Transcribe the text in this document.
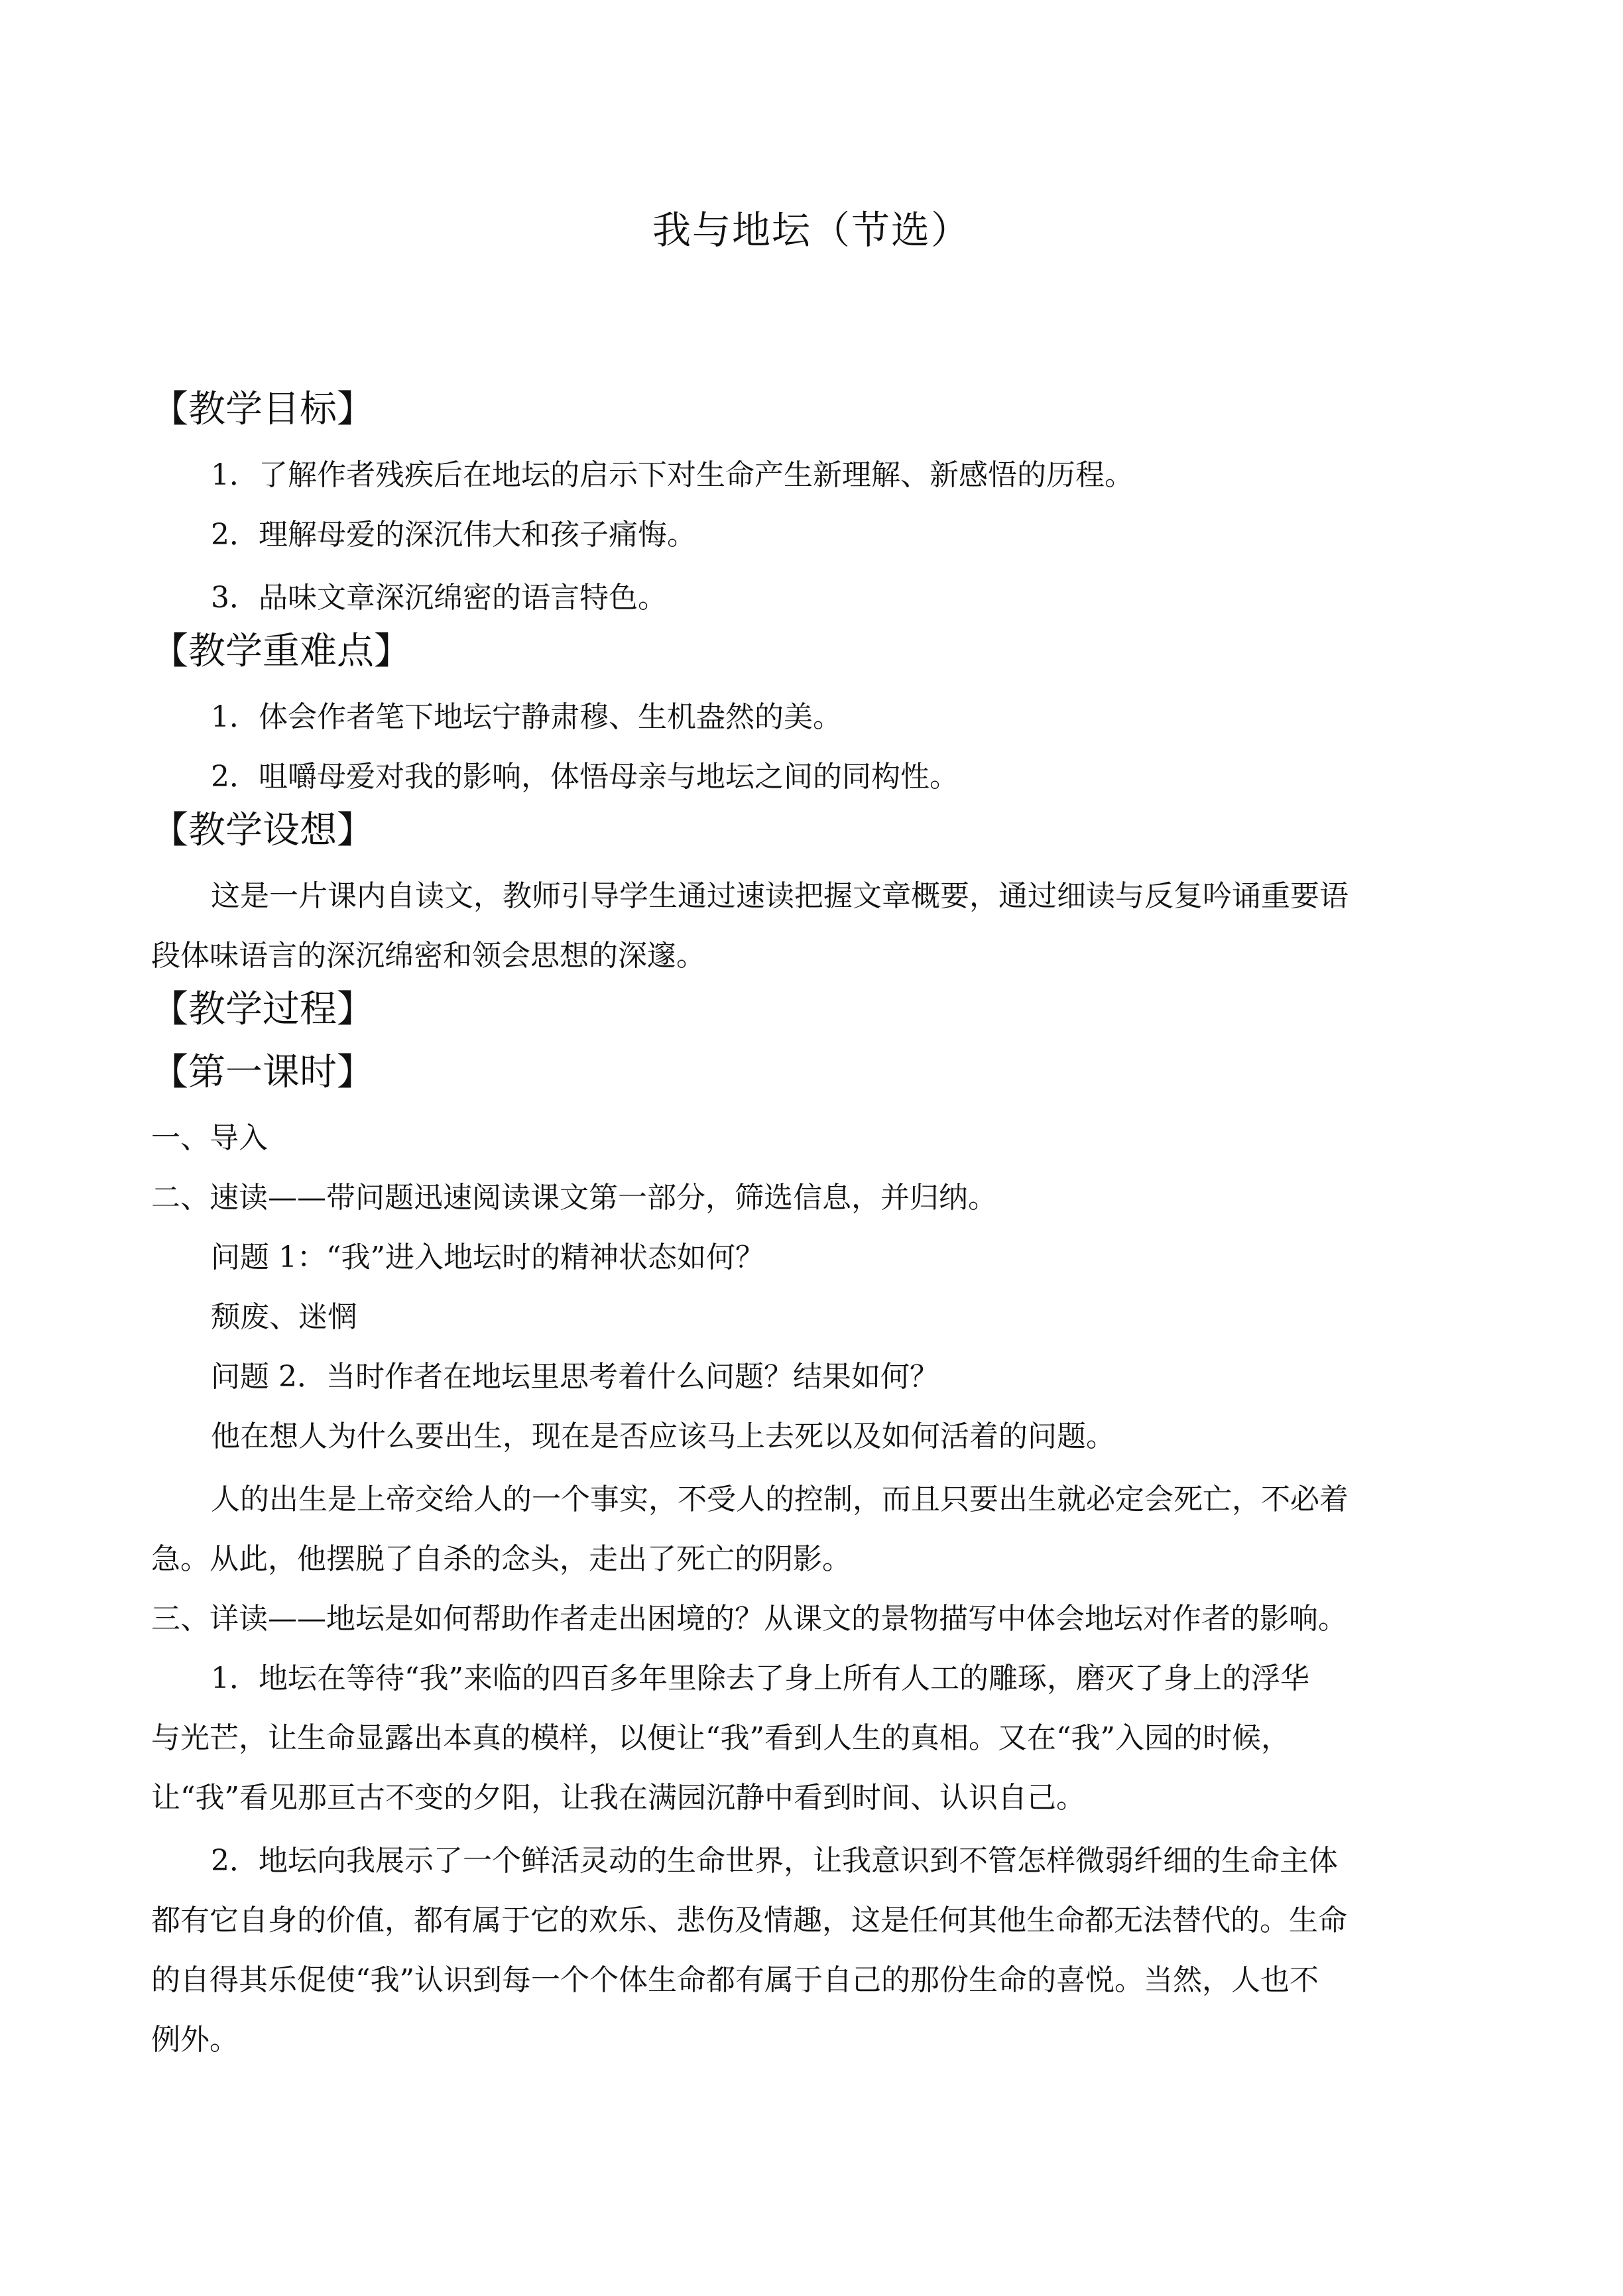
我与地坛（节选）
【教学目标】
1．了解作者残疾后在地坛的启示下对生命产生新理解、新感悟的历程。
2．理解母爱的深沉伟大和孩子痛悔。
3．品味文章深沉绵密的语言特色。
【教学重难点】
1．体会作者笔下地坛宁静肃穆、生机盎然的美。
2．咀嚼母爱对我的影响，体悟母亲与地坛之间的同构性。
【教学设想】
这是一片课内自读文，教师引导学生通过速读把握文章概要，通过细读与反复吟诵重要语
段体味语言的深沉绵密和领会思想的深邃。
【教学过程】
【第一课时】
一、导入
二、速读——带问题迅速阅读课文第一部分，筛选信息，并归纳。
问题 1：“我”进入地坛时的精神状态如何？
颓废、迷惘
问题 2．当时作者在地坛里思考着什么问题？结果如何？
他在想人为什么要出生，现在是否应该马上去死以及如何活着的问题。
人的出生是上帝交给人的一个事实，不受人的控制，而且只要出生就必定会死亡，不必着
急。从此，他摆脱了自杀的念头，走出了死亡的阴影。
三、详读——地坛是如何帮助作者走出困境的？从课文的景物描写中体会地坛对作者的影响。
1．地坛在等待“我”来临的四百多年里除去了身上所有人工的雕琢，磨灭了身上的浮华
与光芒，让生命显露出本真的模样，以便让“我”看到人生的真相。又在“我”入园的时候，
让“我”看见那亘古不变的夕阳，让我在满园沉静中看到时间、认识自己。
2．地坛向我展示了一个鲜活灵动的生命世界，让我意识到不管怎样微弱纤细的生命主体
都有它自身的价值，都有属于它的欢乐、悲伤及情趣，这是任何其他生命都无法替代的。生命
的自得其乐促使“我”认识到每一个个体生命都有属于自己的那份生命的喜悦。当然，人也不
例外。
